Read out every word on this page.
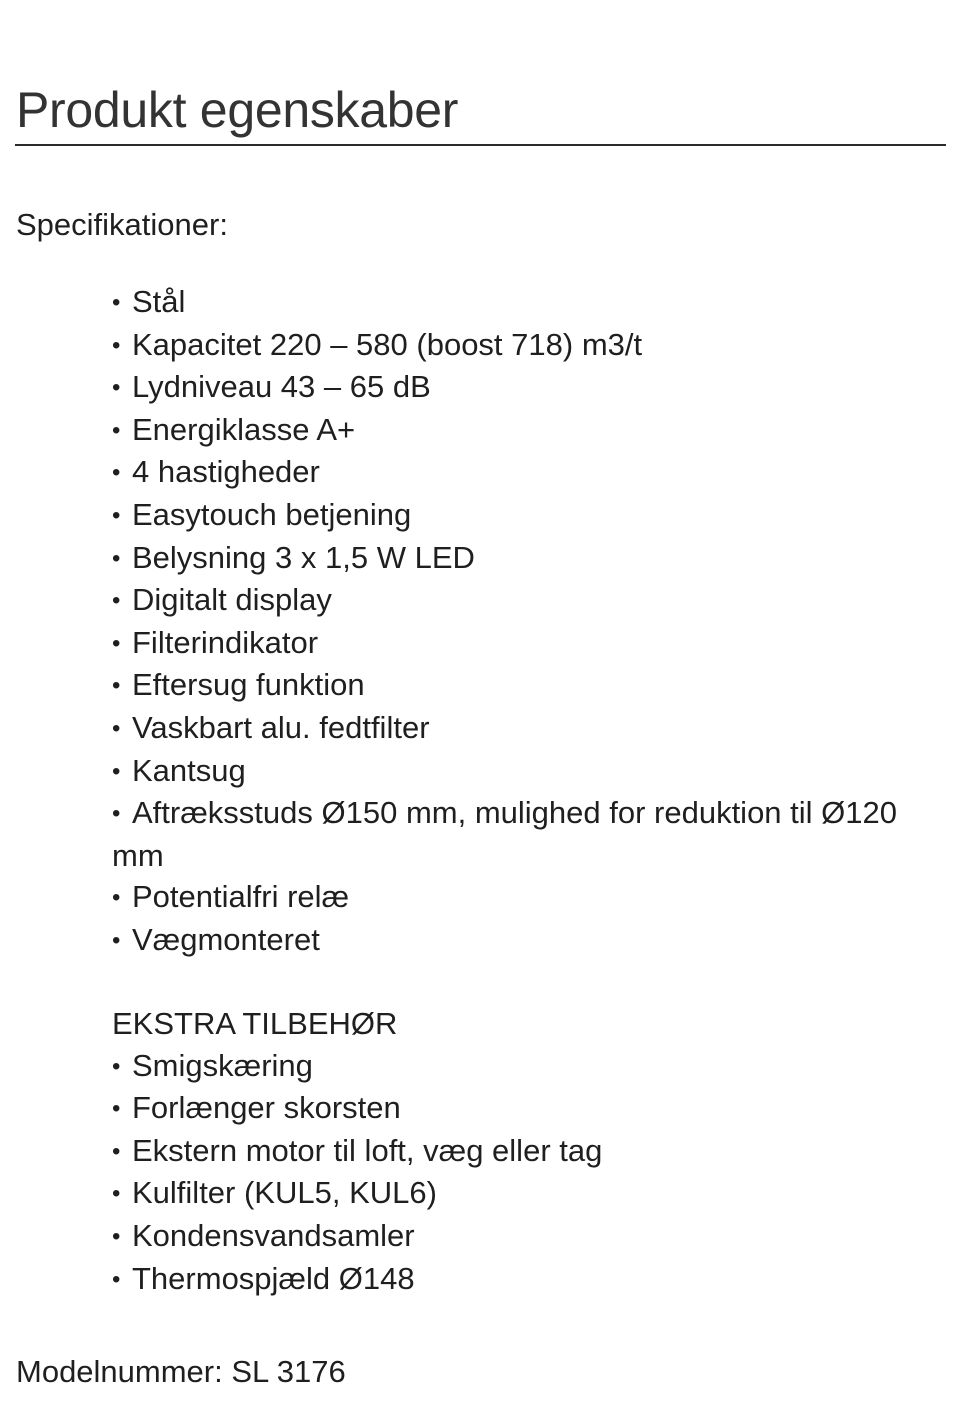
Produkt egenskaber
Specifikationer:
• Stål
• Kapacitet 220 – 580 (boost 718) m3/t
• Lydniveau 43 – 65 dB
• Energiklasse A+
• 4 hastigheder
• Easytouch betjening
• Belysning 3 x 1,5 W LED
• Digitalt display
• Filterindikator
• Eftersug funktion
• Vaskbart alu. fedtfilter
• Kantsug
• Aftræksstuds Ø150 mm, mulighed for reduktion til Ø120 mm
• Potentialfri relæ
• Vægmonteret
EKSTRA TILBEHØR
• Smigskæring
• Forlænger skorsten
• Ekstern motor til loft, væg eller tag
• Kulfilter (KUL5, KUL6)
• Kondensvandsamler
• Thermospjæld Ø148

Modelnummer: SL 3176
